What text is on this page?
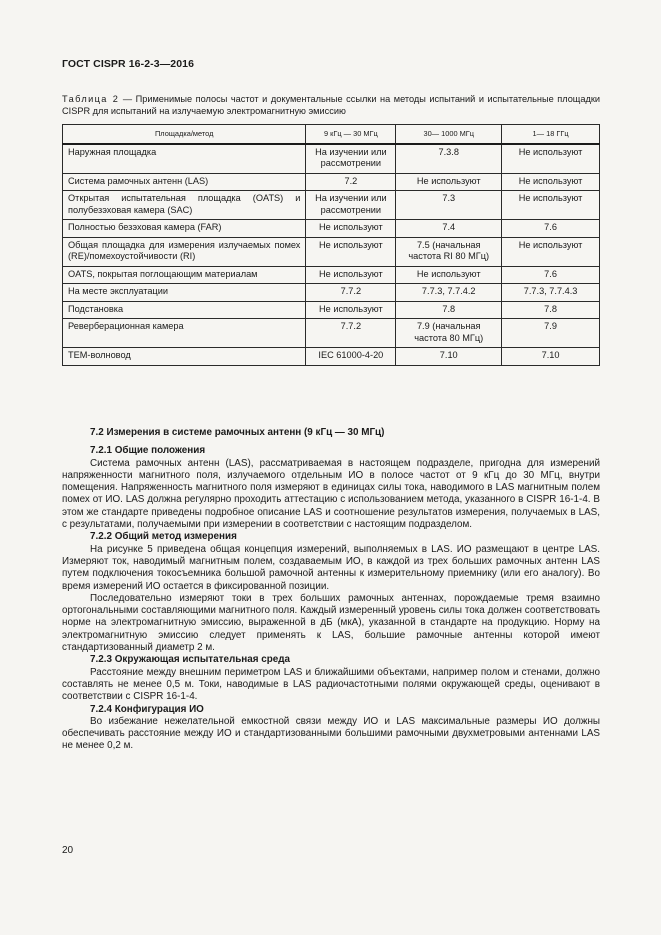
ГОСТ CISPR 16-2-3—2016
Таблица 2 — Применимые полосы частот и документальные ссылки на методы испытаний и испытательные площадки CISPR для испытаний на излучаемую электромагнитную эмиссию
Площадка/метод	9 кГц — 30 МГц	30— 1000 МГц	1— 18 ГГц
Наружная площадка	На изучении или рассмотрении	7.3.8	Не используют
Система рамочных антенн (LAS)	7.2	Не используют	Не используют
Открытая испытательная площадка (OATS) и полубезэховая камера (SAC)	На изучении или рассмотрении	7.3	Не используют
Полностью безэховая камера (FAR)	Не используют	7.4	7.6
Общая площадка для измерения излучаемых помех (RE)/помехоустойчивости (RI)	Не используют	7.5 (начальная частота RI 80 МГц)	Не используют
OATS, покрытая поглощающим материалам	Не используют	Не используют	7.6
На месте эксплуатации	7.7.2	7.7.3, 7.7.4.2	7.7.3, 7.7.4.3
Подстановка	Не используют	7.8	7.8
Реверберационная камера	7.7.2	7.9 (начальная частота 80 МГц)	7.9
ТЕМ-волновод	IEC 61000-4-20	7.10	7.10
7.2 Измерения в системе рамочных антенн (9 кГц — 30 МГц)
7.2.1 Общие положения

Система рамочных антенн (LAS), рассматриваемая в настоящем подразделе, пригодна для измерений напряженности магнитного поля, излучаемого отдельным ИО в полосе частот от 9 кГц до 30 МГц, внутри помещения. Напряженность магнитного поля измеряют в единицах силы тока, наводимого в LAS магнитным полем помех от ИО. LAS должна регулярно проходить аттестацию с использованием метода, указанного в CISPR 16-1-4. В этом же стандарте приведены подробное описание LAS и соотношение результатов измерения, получаемых в LAS, с результатами, получаемыми при измерении в соответствии с настоящим подразделом.

7.2.2 Общий метод измерения

На рисунке 5 приведена общая концепция измерений, выполняемых в LAS. ИО размещают в центре LAS. Измеряют ток, наводимый магнитным полем, создаваемым ИО, в каждой из трех больших рамочных антенн LAS путем подключения токосъемника большой рамочной антенны к измерительному приемнику (или его аналогу). Во время измерений ИО остается в фиксированной позиции.

Последовательно измеряют токи в трех больших рамочных антеннах, порождаемые тремя взаимно ортогональными составляющими магнитного поля. Каждый измеренный уровень силы тока должен соответствовать норме на электромагнитную эмиссию, выраженной в дБ (мкА), указанной в стандарте на продукцию. Норму на электромагнитную эмиссию следует применять к LAS, большие рамочные антенны которой имеют стандартизованный диаметр 2 м.

7.2.3 Окружающая испытательная среда

Расстояние между внешним периметром LAS и ближайшими объектами, например полом и стенами, должно составлять не менее 0,5 м. Токи, наводимые в LAS радиочастотными полями окружающей среды, оценивают в соответствии с CISPR 16-1-4.

7.2.4 Конфигурация ИО

Во избежание нежелательной емкостной связи между ИО и LAS максимальные размеры ИО должны обеспечивать расстояние между ИО и стандартизованными большими рамочными двухметровыми антеннами LAS не менее 0,2 м.

20
